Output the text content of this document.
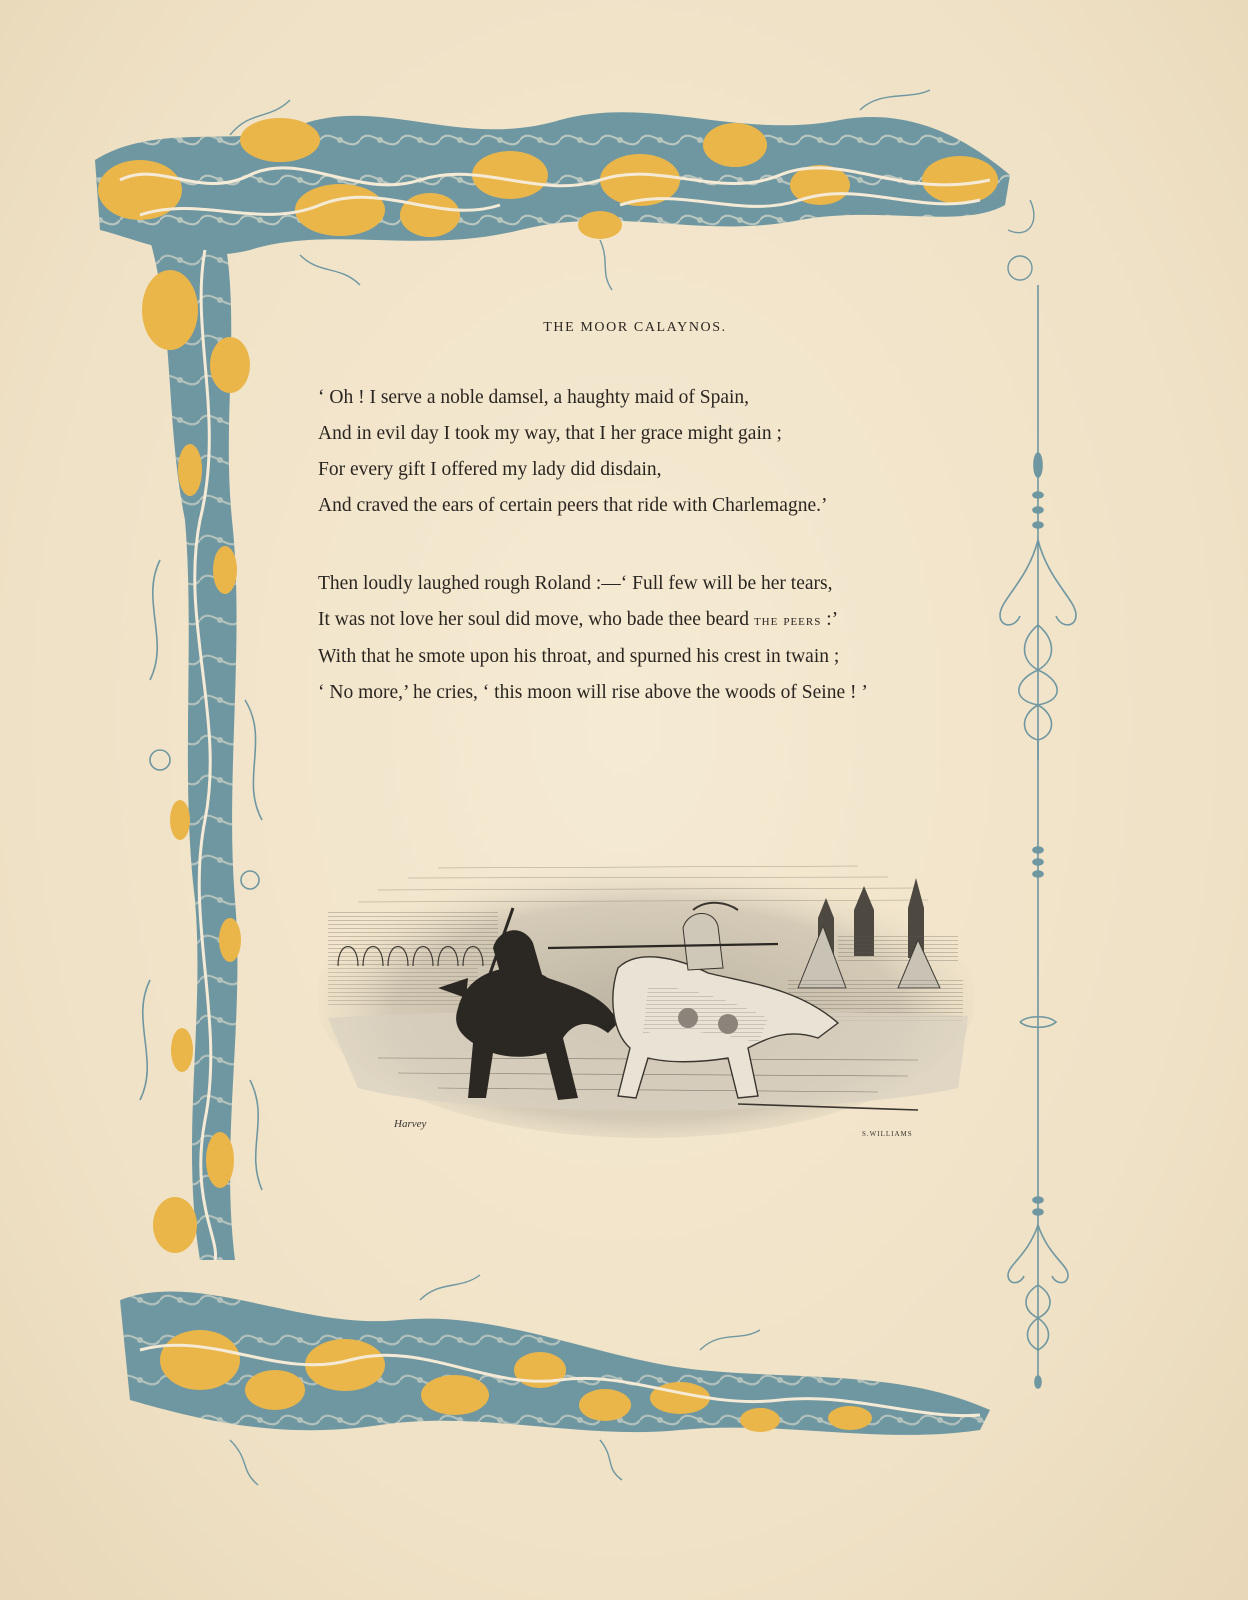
THE MOOR CALAYNOS.
‘ Oh ! I serve a noble damsel, a haughty maid of Spain,
And in evil day I took my way, that I her grace might gain ;
For every gift I offered my lady did disdain,
And craved the ears of certain peers that ride with Charlemagne.’
Then loudly laughed rough Roland :—‘ Full few will be her tears,
It was not love her soul did move, who bade thee beard the peers :’
With that he smote upon his throat, and spurned his crest in twain ;
‘ No more,’ he cries, ‘ this moon will rise above the woods of Seine ! ’
Harvey
S.WILLIAMS
